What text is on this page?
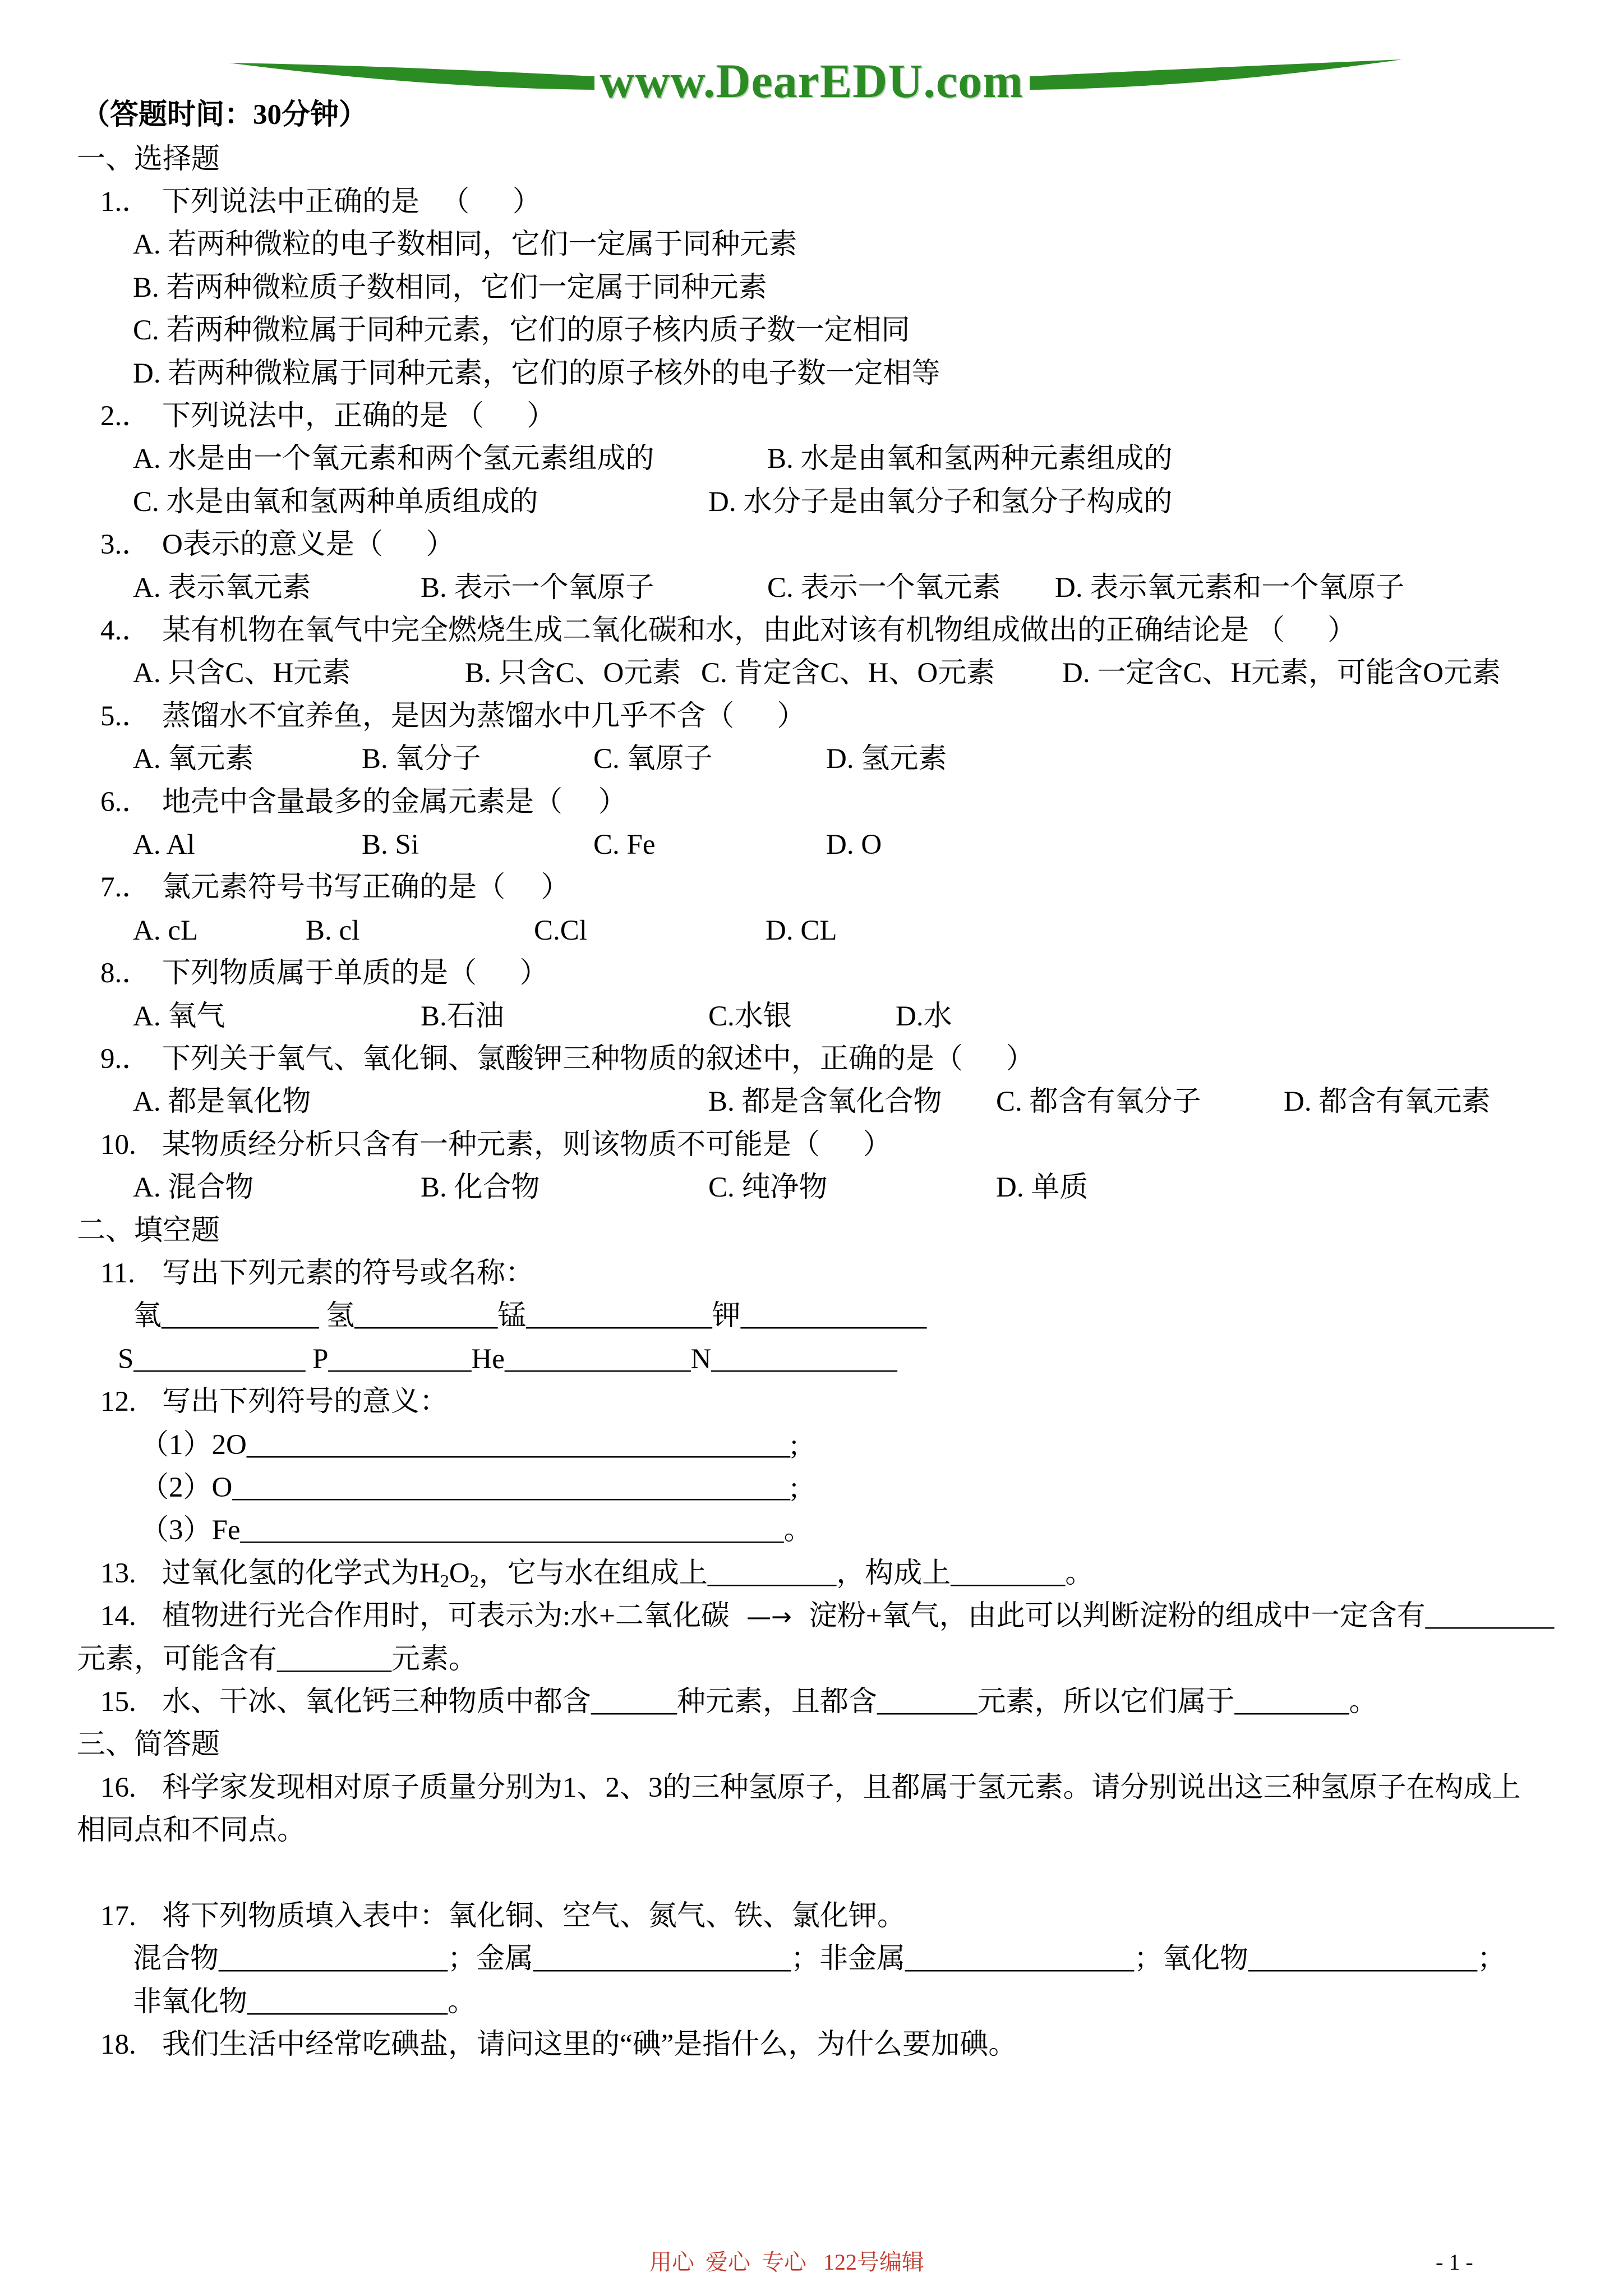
www.DearEDU.com
（答题时间：30分钟）
一、选择题
1.． 下列说法中正确的是   （      ）
A. 若两种微粒的电子数相同，它们一定属于同种元素
B. 若两种微粒质子数相同，它们一定属于同种元素
C. 若两种微粒属于同种元素，它们的原子核内质子数一定相同
D. 若两种微粒属于同种元素，它们的原子核外的电子数一定相等
2.． 下列说法中，正确的是 （      ）
A. 水是由一个氧元素和两个氢元素组成的	B. 水是由氧和氢两种元素组成的
C. 水是由氧和氢两种单质组成的	D. 水分子是由氧分子和氢分子构成的
3.． O表示的意义是（      ）
A. 表示氧元素	B. 表示一个氧原子	C. 表示一个氧元素 D. 表示氧元素和一个氧原子
4.． 某有机物在氧气中完全燃烧生成二氧化碳和水，由此对该有机物组成做出的正确结论是 （      ）
A. 只含C、H元素	B. 只含C、O元素 C. 肯定含C、H、O元素 D. 一定含C、H元素，可能含O元素
5.． 蒸馏水不宜养鱼，是因为蒸馏水中几乎不含（      ）
A. 氧元素	B. 氧分子	C. 氧原子	D. 氢元素
6.． 地壳中含量最多的金属元素是（     ）
A. Al	B. Si	C. Fe	D. O
7.． 氯元素符号书写正确的是（     ）
A. cL	B. cl	C.Cl	D. CL
8.． 下列物质属于单质的是（      ）
A. 氧气	B.石油	C.水银	D.水
9.． 下列关于氧气、氧化铜、氯酸钾三种物质的叙述中，正确的是（      ）
A. 都是氧化物	B. 都是含氧化合物 C. 都含有氧分子	D. 都含有氧元素
10. 某物质经分析只含有一种元素，则该物质不可能是（      ）
A. 混合物	B. 化合物	C. 纯净物	D. 单质
二、填空题
11. 写出下列元素的符号或名称：
氧___________ 氢__________锰_____________钾_____________
S____________ P__________He_____________N_____________
12. 写出下列符号的意义：
（1）2O______________________________________;
（2）O_______________________________________;
（3）Fe______________________________________。
13. 过氧化氢的化学式为$H_2O_2$，它与水在组成上_________，构成上________。
14. 植物进行光合作用时，可表示为:水+二氧化碳 —→ 淀粉+氧气，由此可以判断淀粉的组成中一定含有_________
元素，可能含有________元素。
15. 水、干冰、氧化钙三种物质中都含______种元素，且都含_______元素，所以它们属于________。
三、简答题
16. 科学家发现相对原子质量分别为1、2、3的三种氢原子，且都属于氢元素。请分别说出这三种氢原子在构成上
相同点和不同点。
17. 将下列物质填入表中：氧化铜、空气、氮气、铁、氯化钾。
混合物________________；金属__________________；非金属________________；氧化物________________；
非氧化物______________。
18. 我们生活中经常吃碘盐，请问这里的“碘”是指什么，为什么要加碘。
用心  爱心  专心   122号编辑	- 1 -
